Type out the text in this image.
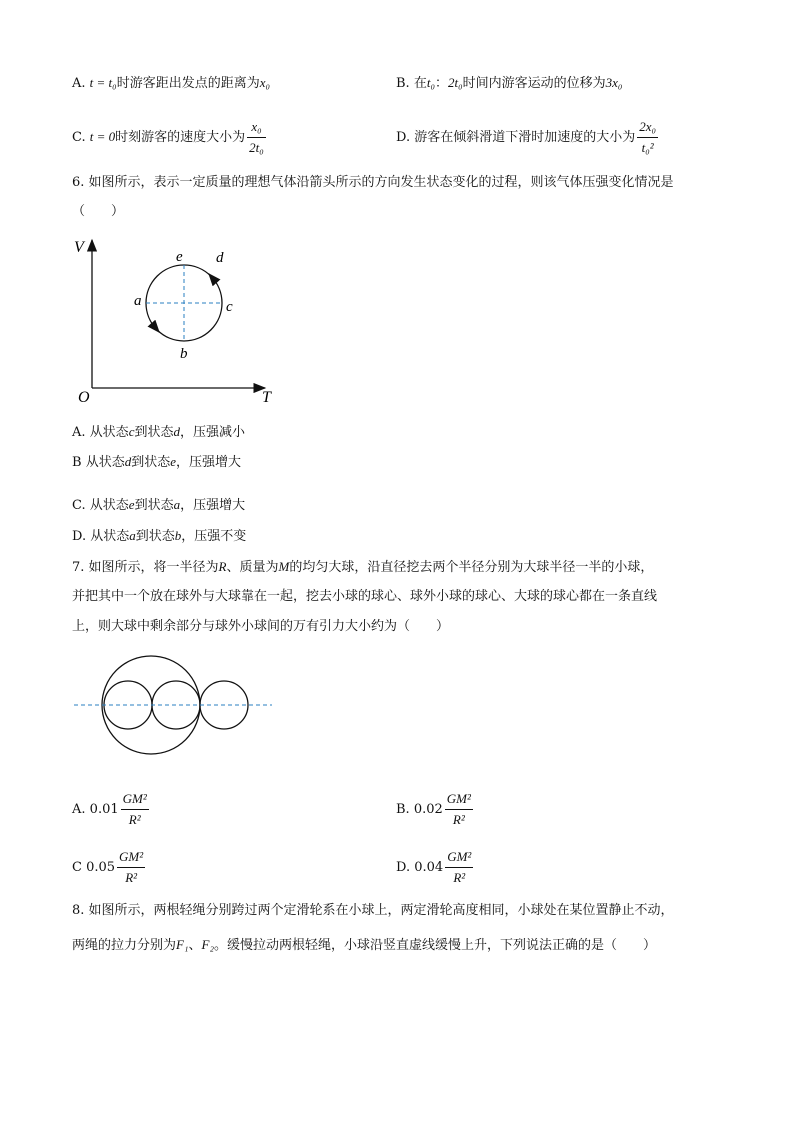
A. t = t₀时游客距出发点的距离为x₀	B. 在t₀：2t₀时间内游客运动的位移为3x₀
C. t = 0时刻游客的速度大小为 $\frac{\text{x₀}}{\text{2t₀}}$	D. 游客在倾斜滑道下滑时加速度的大小为 $\frac{\text{2x₀}}{\text{t₀²}}$
6. 如图所示，表示一定质量的理想气体沿箭头所示的方向发生状态变化的过程，则该气体压强变化情况是
（　　）
V
T
O
a
b
c
d
e
A. 从状态c到状态d，压强减小
B 从状态d到状态e，压强增大
C. 从状态e到状态a，压强增大
D. 从状态a到状态b，压强不变
7. 如图所示，将一半径为R、质量为M的均匀大球，沿直径挖去两个半径分别为大球半径一半的小球，
并把其中一个放在球外与大球靠在一起，挖去小球的球心、球外小球的球心、大球的球心都在一条直线
上，则大球中剩余部分与球外小球间的万有引力大小约为（　　）
A. $0.01 \frac{\text{GM²}}{\text{R²}}$	B. $0.02 \frac{\text{GM²}}{\text{R²}}$
C $0.05 \frac{\text{GM²}}{\text{R²}}$	D. $0.04 \frac{\text{GM²}}{\text{R²}}$
8. 如图所示，两根轻绳分别跨过两个定滑轮系在小球上，两定滑轮高度相同，小球处在某位置静止不动，
两绳的拉力分别为F₁、F₂。缓慢拉动两根轻绳，小球沿竖直虚线缓慢上升，下列说法正确的是（　　）
